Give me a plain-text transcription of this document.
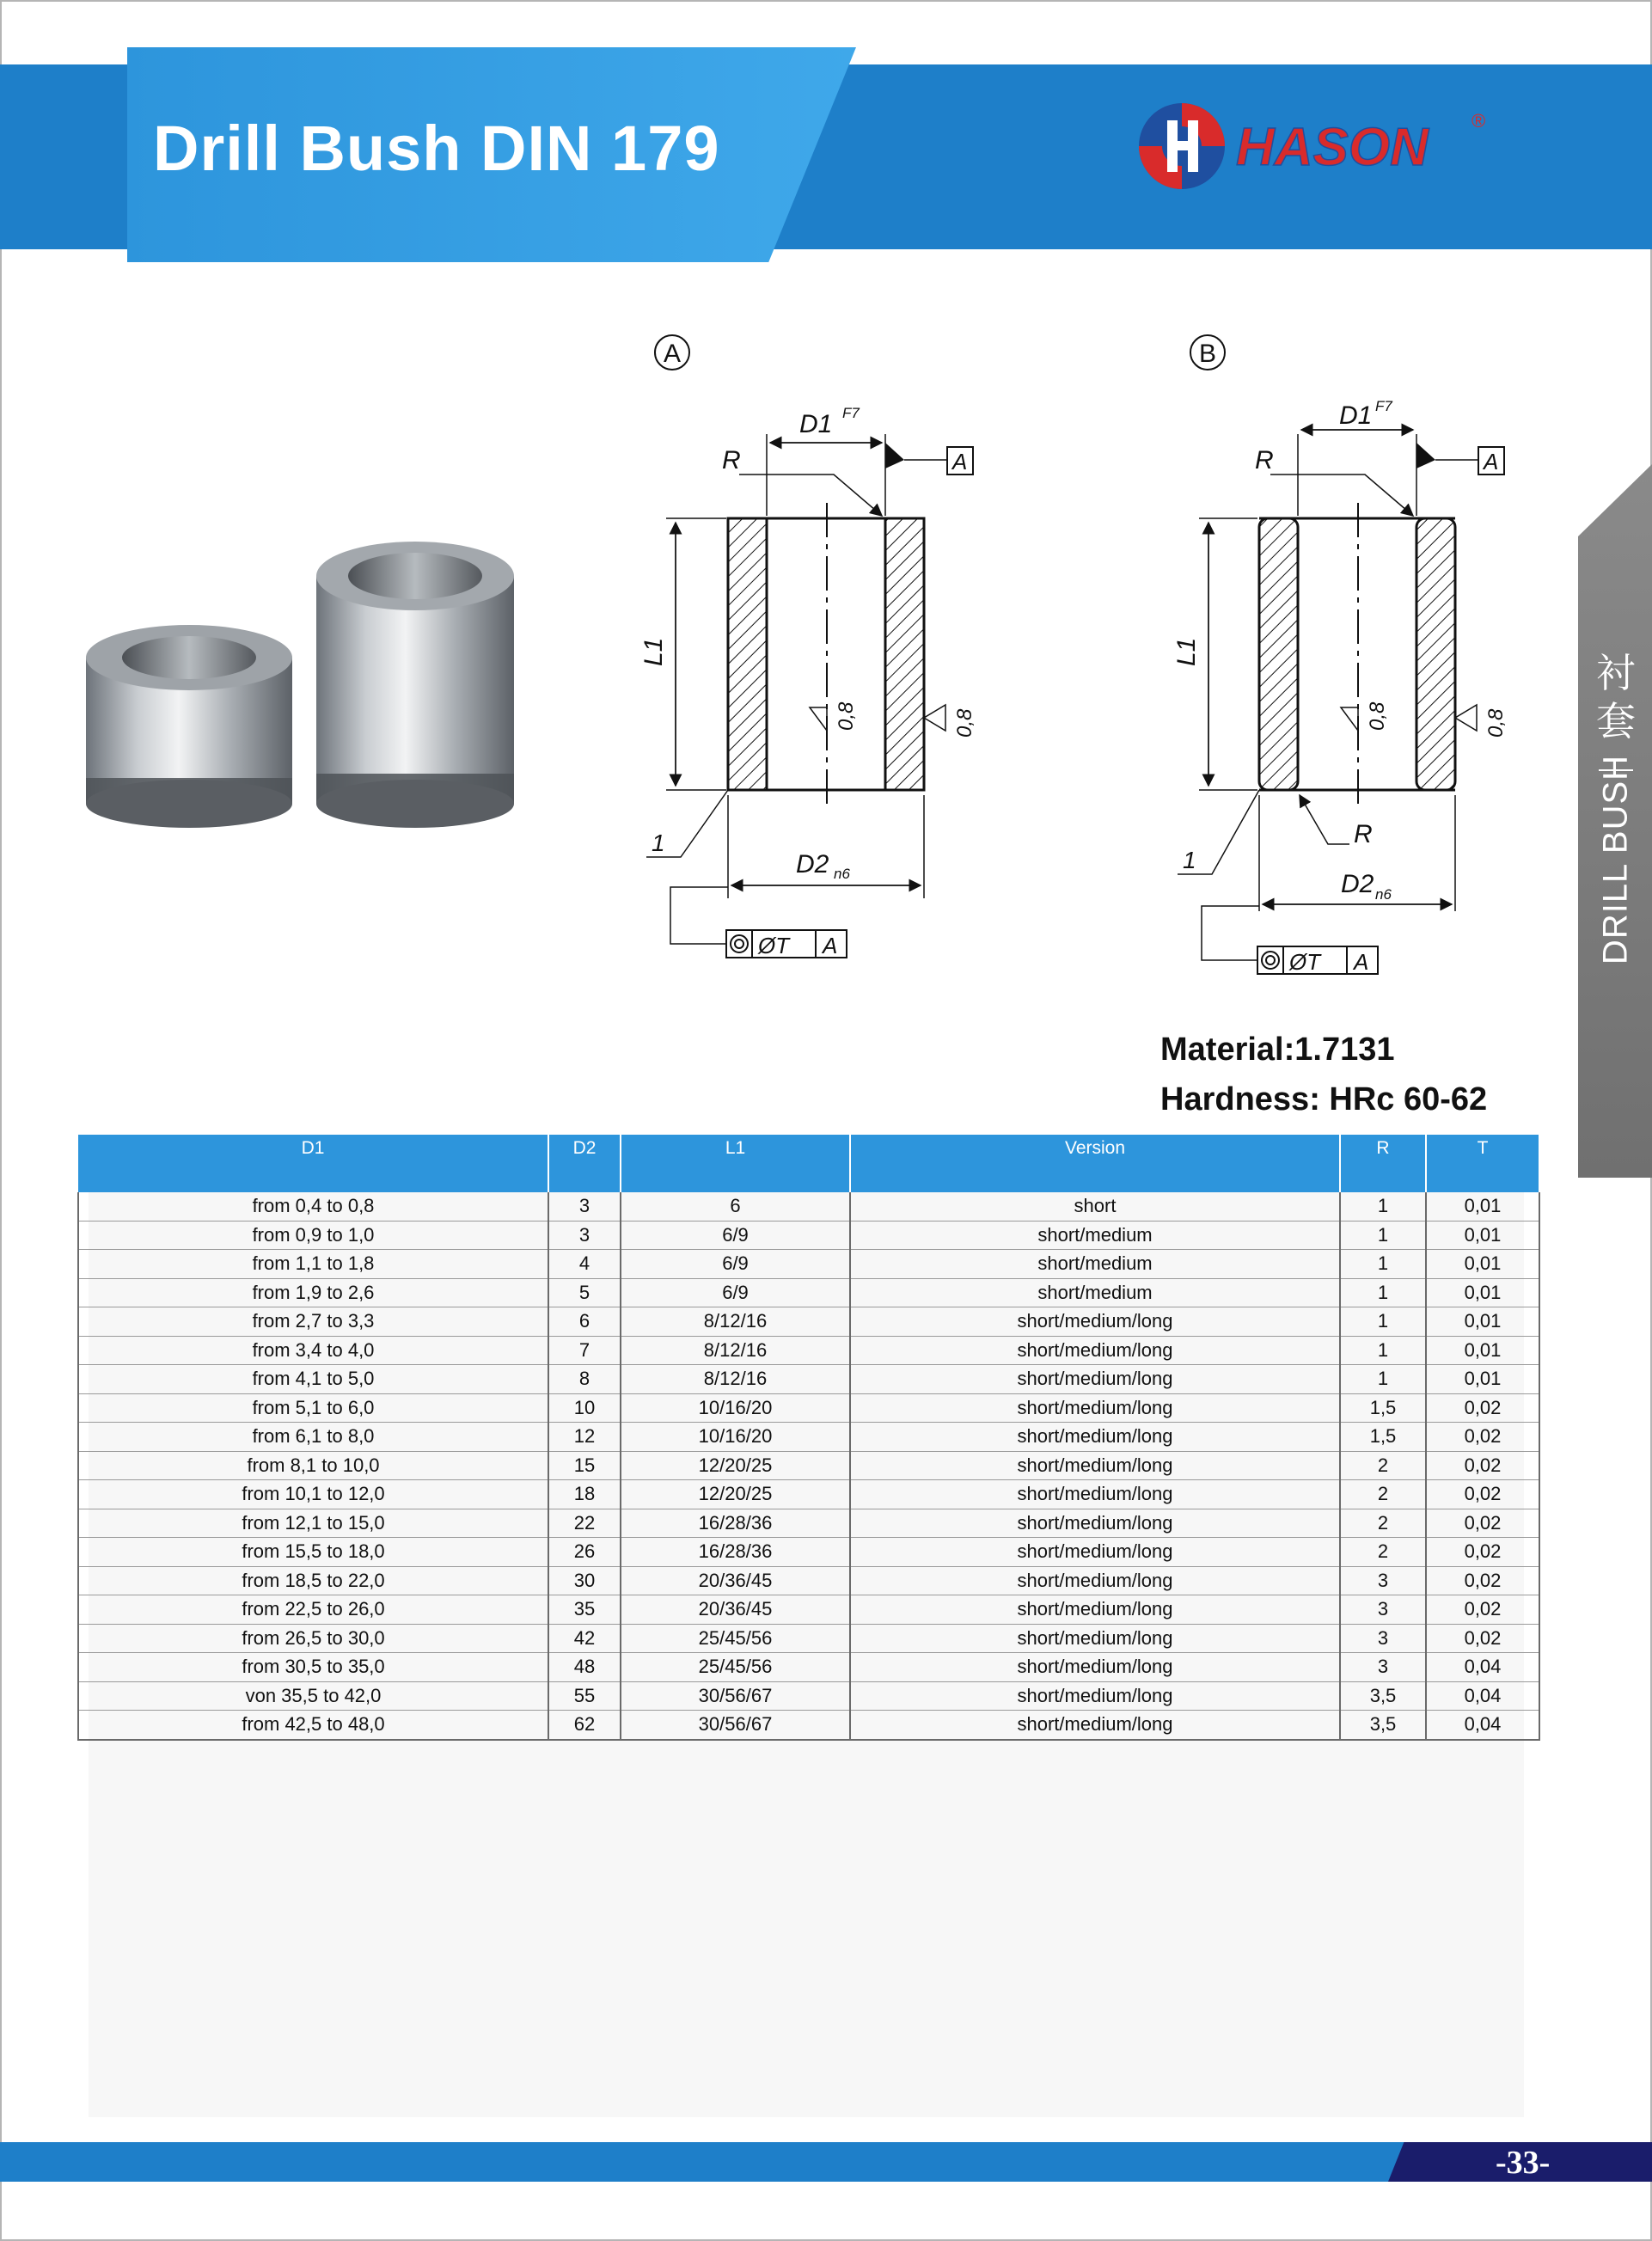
Drill Bush DIN 179	HASON ®
衬套
DRILL BUSH
A
L1
D1 F7
A
R
0,8	0,8
1
D2 n6
ØT A
B
L1
D1 F7
A
R
0,8	0,8
1
R
D2 n6
ØT A
Material:1.7131
Hardness: HRc 60-62
D1	D2	L1	Version	R	T
from 0,4 to 0,8	3	6	short	1	0,01
from 0,9 to 1,0	3	6/9	short/medium	1	0,01
from 1,1 to 1,8	4	6/9	short/medium	1	0,01
from 1,9 to 2,6	5	6/9	short/medium	1	0,01
from 2,7 to 3,3	6	8/12/16	short/medium/long	1	0,01
from 3,4 to 4,0	7	8/12/16	short/medium/long	1	0,01
from 4,1 to 5,0	8	8/12/16	short/medium/long	1	0,01
from 5,1 to 6,0	10	10/16/20	short/medium/long	1,5	0,02
from 6,1 to 8,0	12	10/16/20	short/medium/long	1,5	0,02
from 8,1 to 10,0	15	12/20/25	short/medium/long	2	0,02
from 10,1 to 12,0	18	12/20/25	short/medium/long	2	0,02
from 12,1 to 15,0	22	16/28/36	short/medium/long	2	0,02
from 15,5 to 18,0	26	16/28/36	short/medium/long	2	0,02
from 18,5 to 22,0	30	20/36/45	short/medium/long	3	0,02
from 22,5 to 26,0	35	20/36/45	short/medium/long	3	0,02
from 26,5 to 30,0	42	25/45/56	short/medium/long	3	0,02
from 30,5 to 35,0	48	25/45/56	short/medium/long	3	0,04
von 35,5 to 42,0	55	30/56/67	short/medium/long	3,5	0,04
from 42,5 to 48,0	62	30/56/67	short/medium/long	3,5	0,04
-33-
